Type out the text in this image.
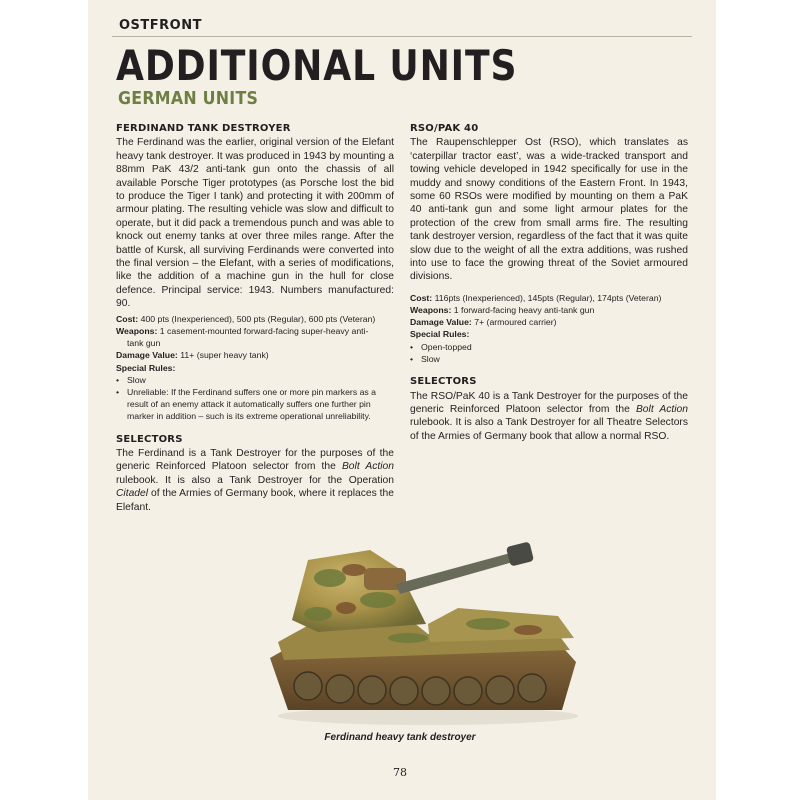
OSTFRONT
ADDITIONAL UNITS
GERMAN UNITS
FERDINAND TANK DESTROYER

The Ferdinand was the earlier, original version of the Elefant heavy tank destroyer. It was produced in 1943 by mounting a 88mm PaK 43/2 anti-tank gun onto the chassis of all available Porsche Tiger prototypes (as Porsche lost the bid to produce the Tiger I tank) and protecting it with 200mm of armour plating. The resulting vehicle was slow and difficult to operate, but it did pack a tremendous punch and was able to knock out enemy tanks at over three miles range. After the battle of Kursk, all surviving Ferdinands were converted into the final version – the Elefant, with a series of modifications, like the addition of a machine gun in the hull for close defence. Principal service: 1943. Numbers manufactured: 90.

Cost: 400 pts (Inexperienced), 500 pts (Regular), 600 pts (Veteran)
Weapons: 1 casement-mounted forward-facing super-heavy anti-
tank gun
Damage Value: 11+ (super heavy tank)
Special Rules:
• Slow
• Unreliable: If the Ferdinand suffers one or more pin markers as a result of an enemy attack it automatically suffers one further pin marker in addition – such is its extreme operational unreliability.
SELECTORS

The Ferdinand is a Tank Destroyer for the purposes of the generic Reinforced Platoon selector from the Bolt Action rulebook. It is also a Tank Destroyer for the Operation Citadel of the Armies of Germany book, where it replaces the Elefant.

RSO/PAK 40

The Raupenschlepper Ost (RSO), which translates as ‘caterpillar tractor east’, was a wide-tracked transport and towing vehicle developed in 1942 specifically for use in the muddy and snowy conditions of the Eastern Front. In 1943, some 60 RSOs were modified by mounting on them a PaK 40 anti-tank gun and some light armour plates for the protection of the crew from small arms fire. The resulting tank destroyer version, regardless of the fact that it was quite slow due to the weight of all the extra additions, was rushed into use to face the growing threat of the Soviet armoured divisions.

Cost: 116pts (Inexperienced), 145pts (Regular), 174pts (Veteran)
Weapons: 1 forward-facing heavy anti-tank gun
Damage Value: 7+ (armoured carrier)
Special Rules:
• Open-topped
• Slow
SELECTORS

The RSO/PaK 40 is a Tank Destroyer for the purposes of the generic Reinforced Platoon selector from the Bolt Action rulebook. It is also a Tank Destroyer for all Theatre Selectors of the Armies of Germany book that allow a normal RSO.

Ferdinand heavy tank destroyer
78
